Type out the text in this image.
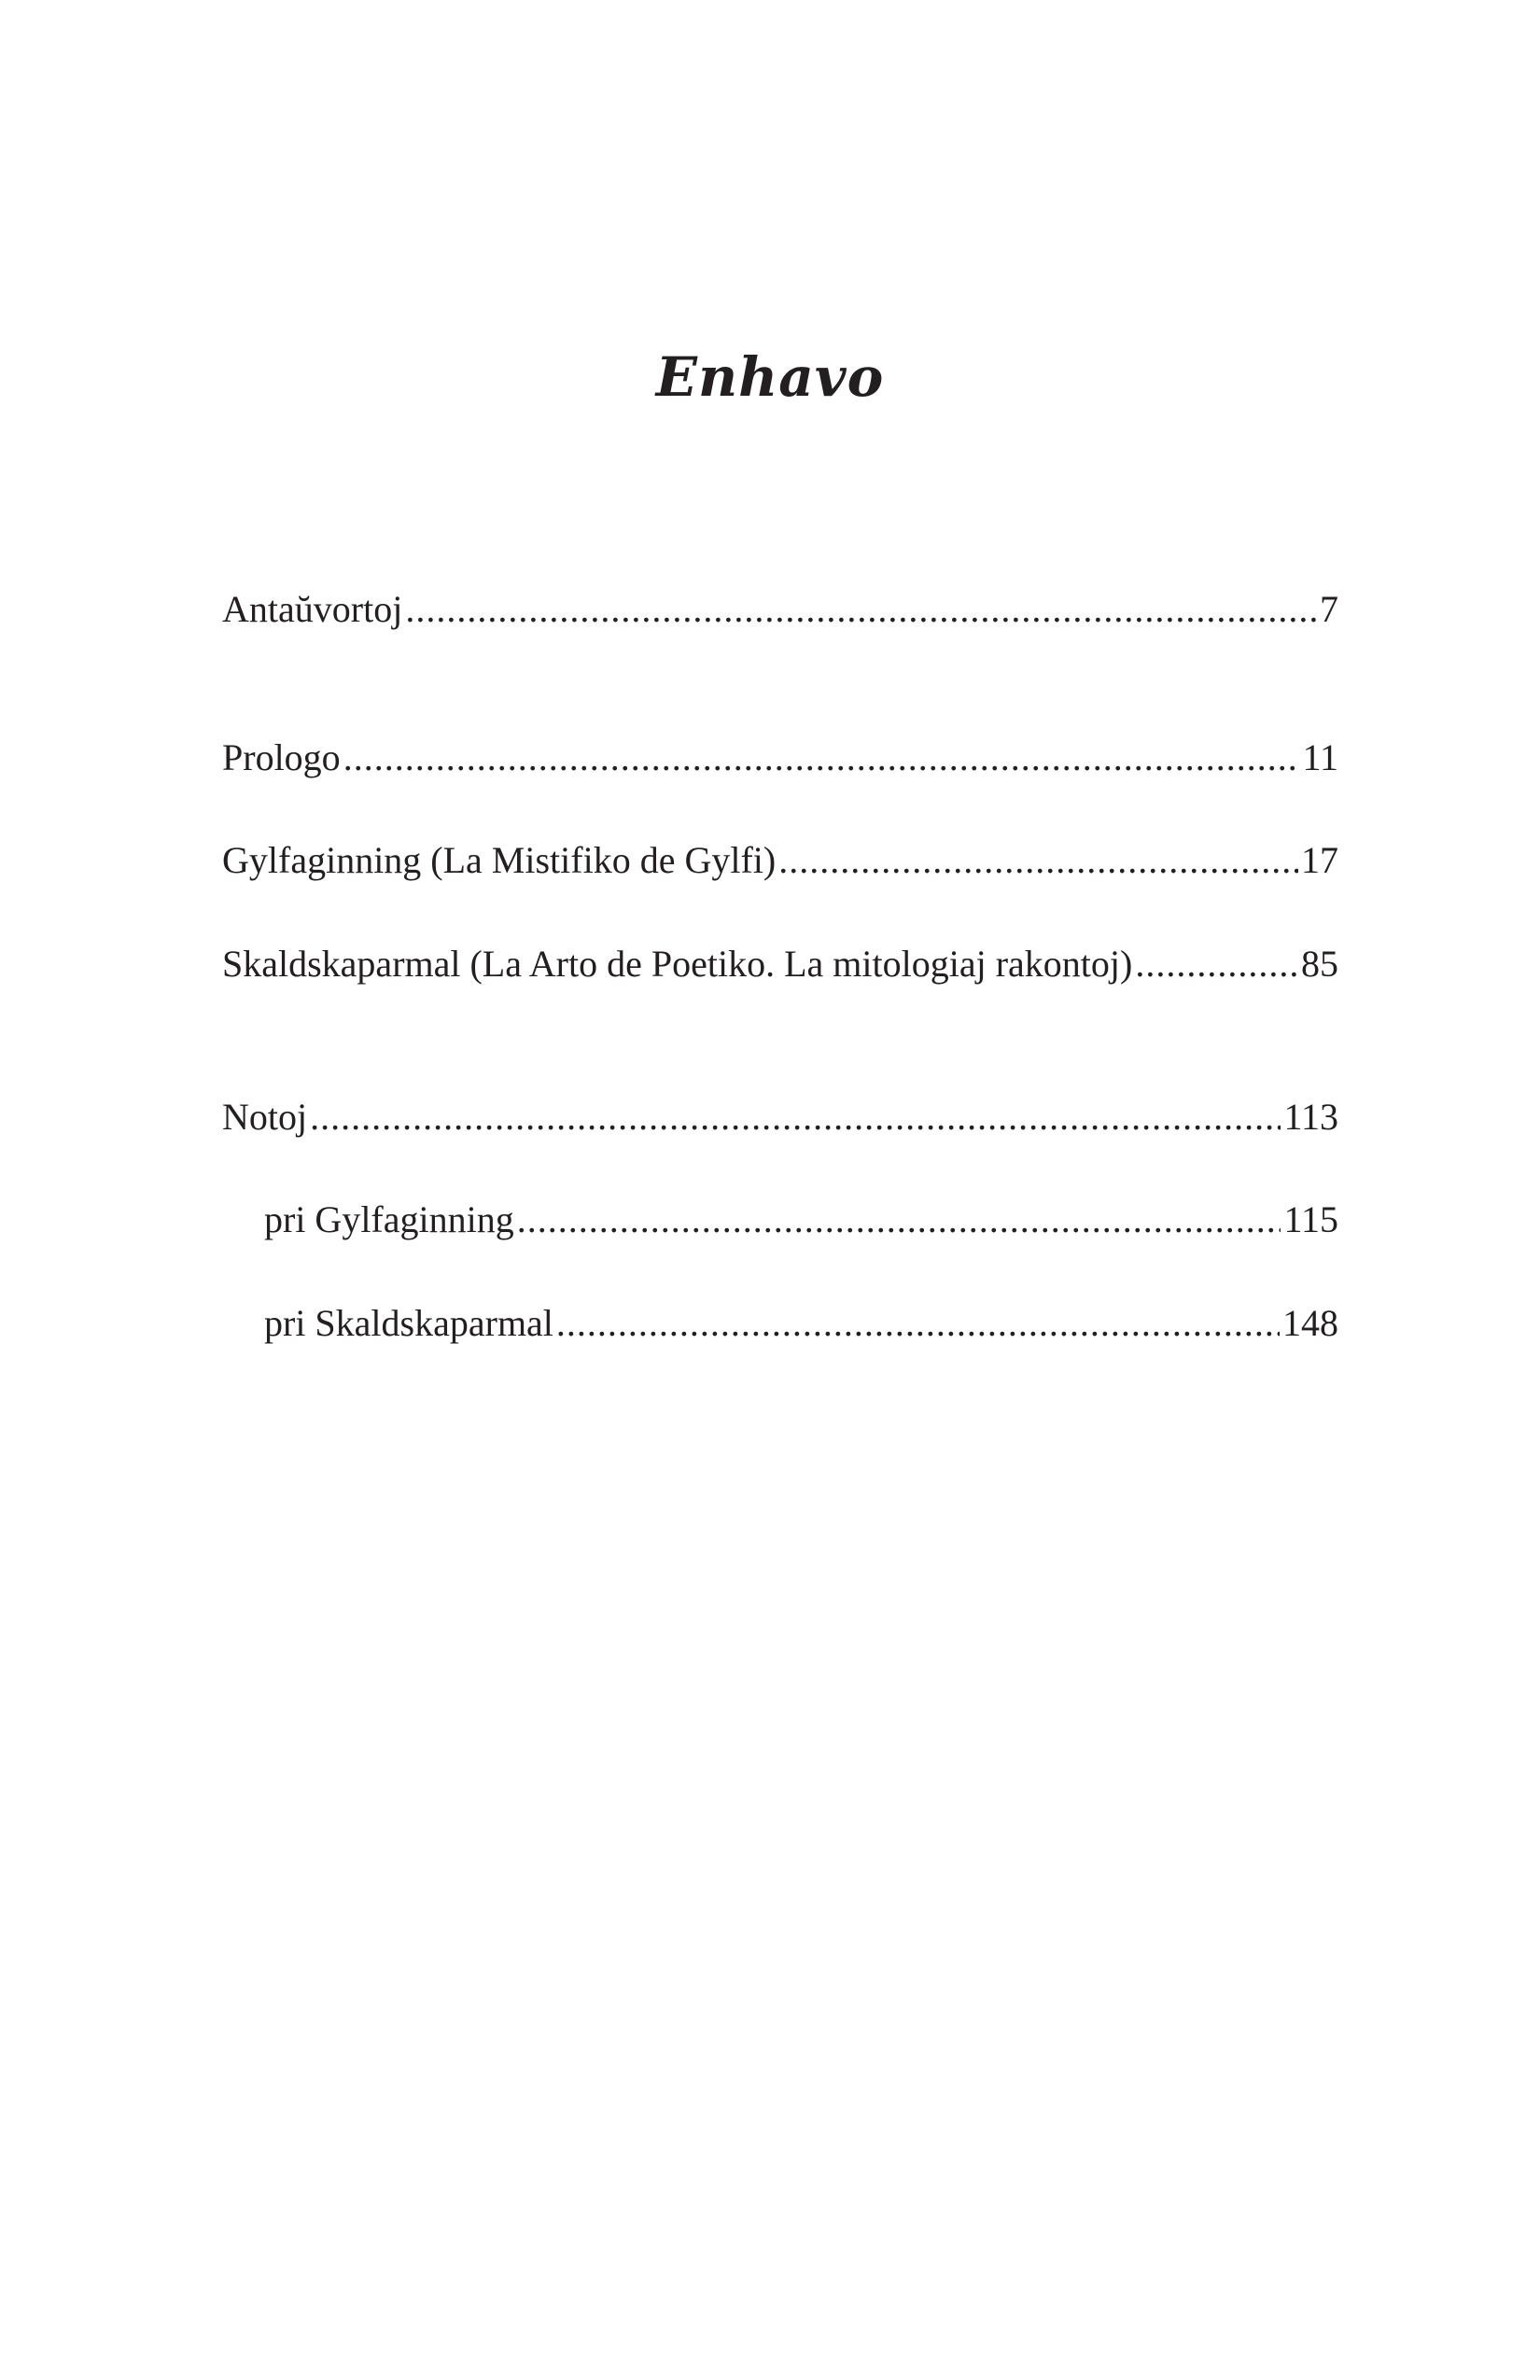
Enhavo
Antaŭvortoj .....	7
Prologo .....	11
Gylfaginning (La Mistifiko de Gylfi) .....	17
Skaldskaparmal (La Arto de Poetiko. La mitologiaj rakontoj) .....	85
Notoj .....	113
pri Gylfaginning .....	115
pri Skaldskaparmal .....	148
